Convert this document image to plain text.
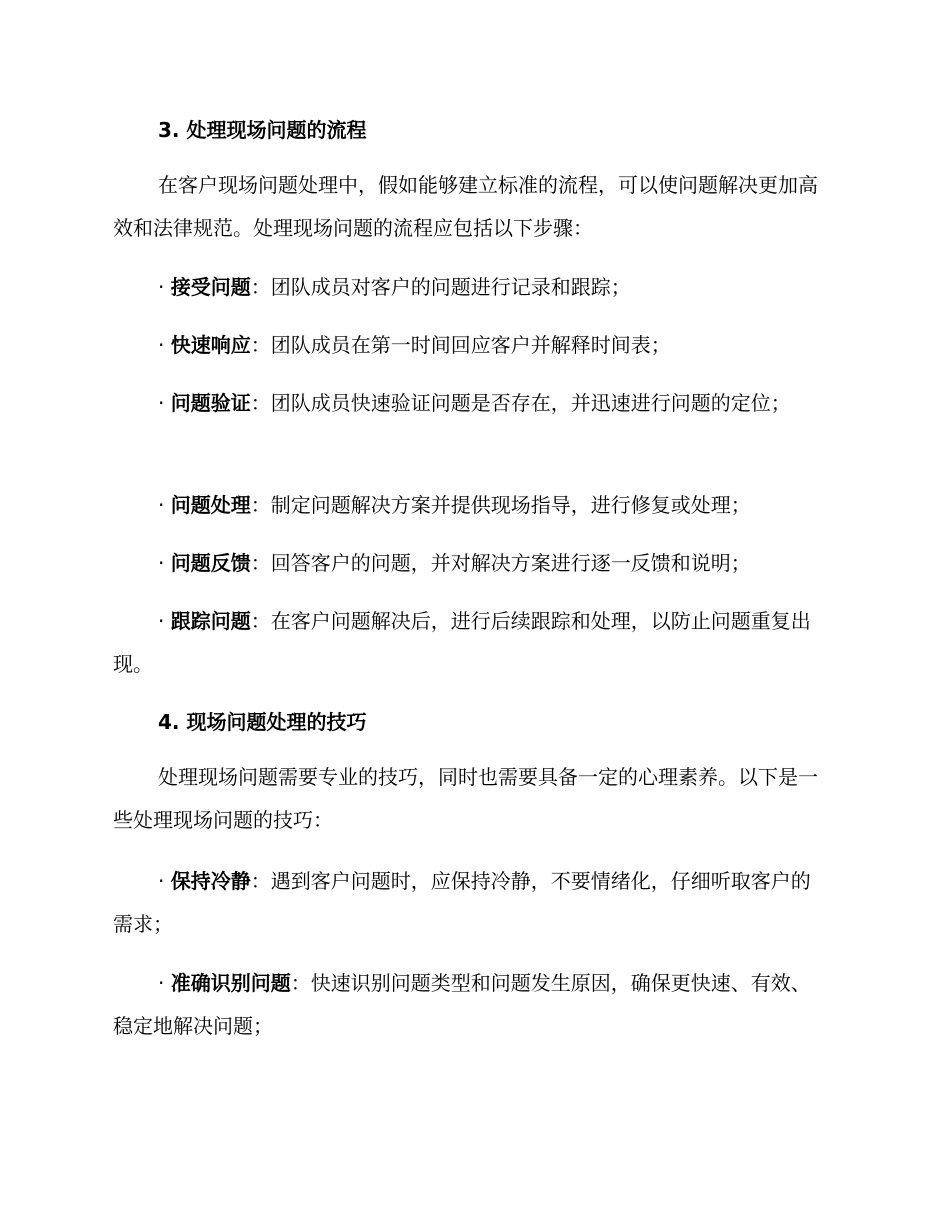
3. 处理现场问题的流程

在客户现场问题处理中，假如能够建立标准的流程，可以使问题解决更加高效和法律规范。处理现场问题的流程应包括以下步骤：

· 接受问题：团队成员对客户的问题进行记录和跟踪；

· 快速响应：团队成员在第一时间回应客户并解释时间表；

· 问题验证：团队成员快速验证问题是否存在，并迅速进行问题的定位；

· 问题处理：制定问题解决方案并提供现场指导，进行修复或处理；

· 问题反馈：回答客户的问题，并对解决方案进行逐一反馈和说明；

· 跟踪问题：在客户问题解决后，进行后续跟踪和处理，以防止问题重复出现。

4. 现场问题处理的技巧

处理现场问题需要专业的技巧，同时也需要具备一定的心理素养。以下是一些处理现场问题的技巧：

· 保持冷静：遇到客户问题时，应保持冷静，不要情绪化，仔细听取客户的需求；

· 准确识别问题：快速识别问题类型和问题发生原因，确保更快速、有效、稳定地解决问题；
